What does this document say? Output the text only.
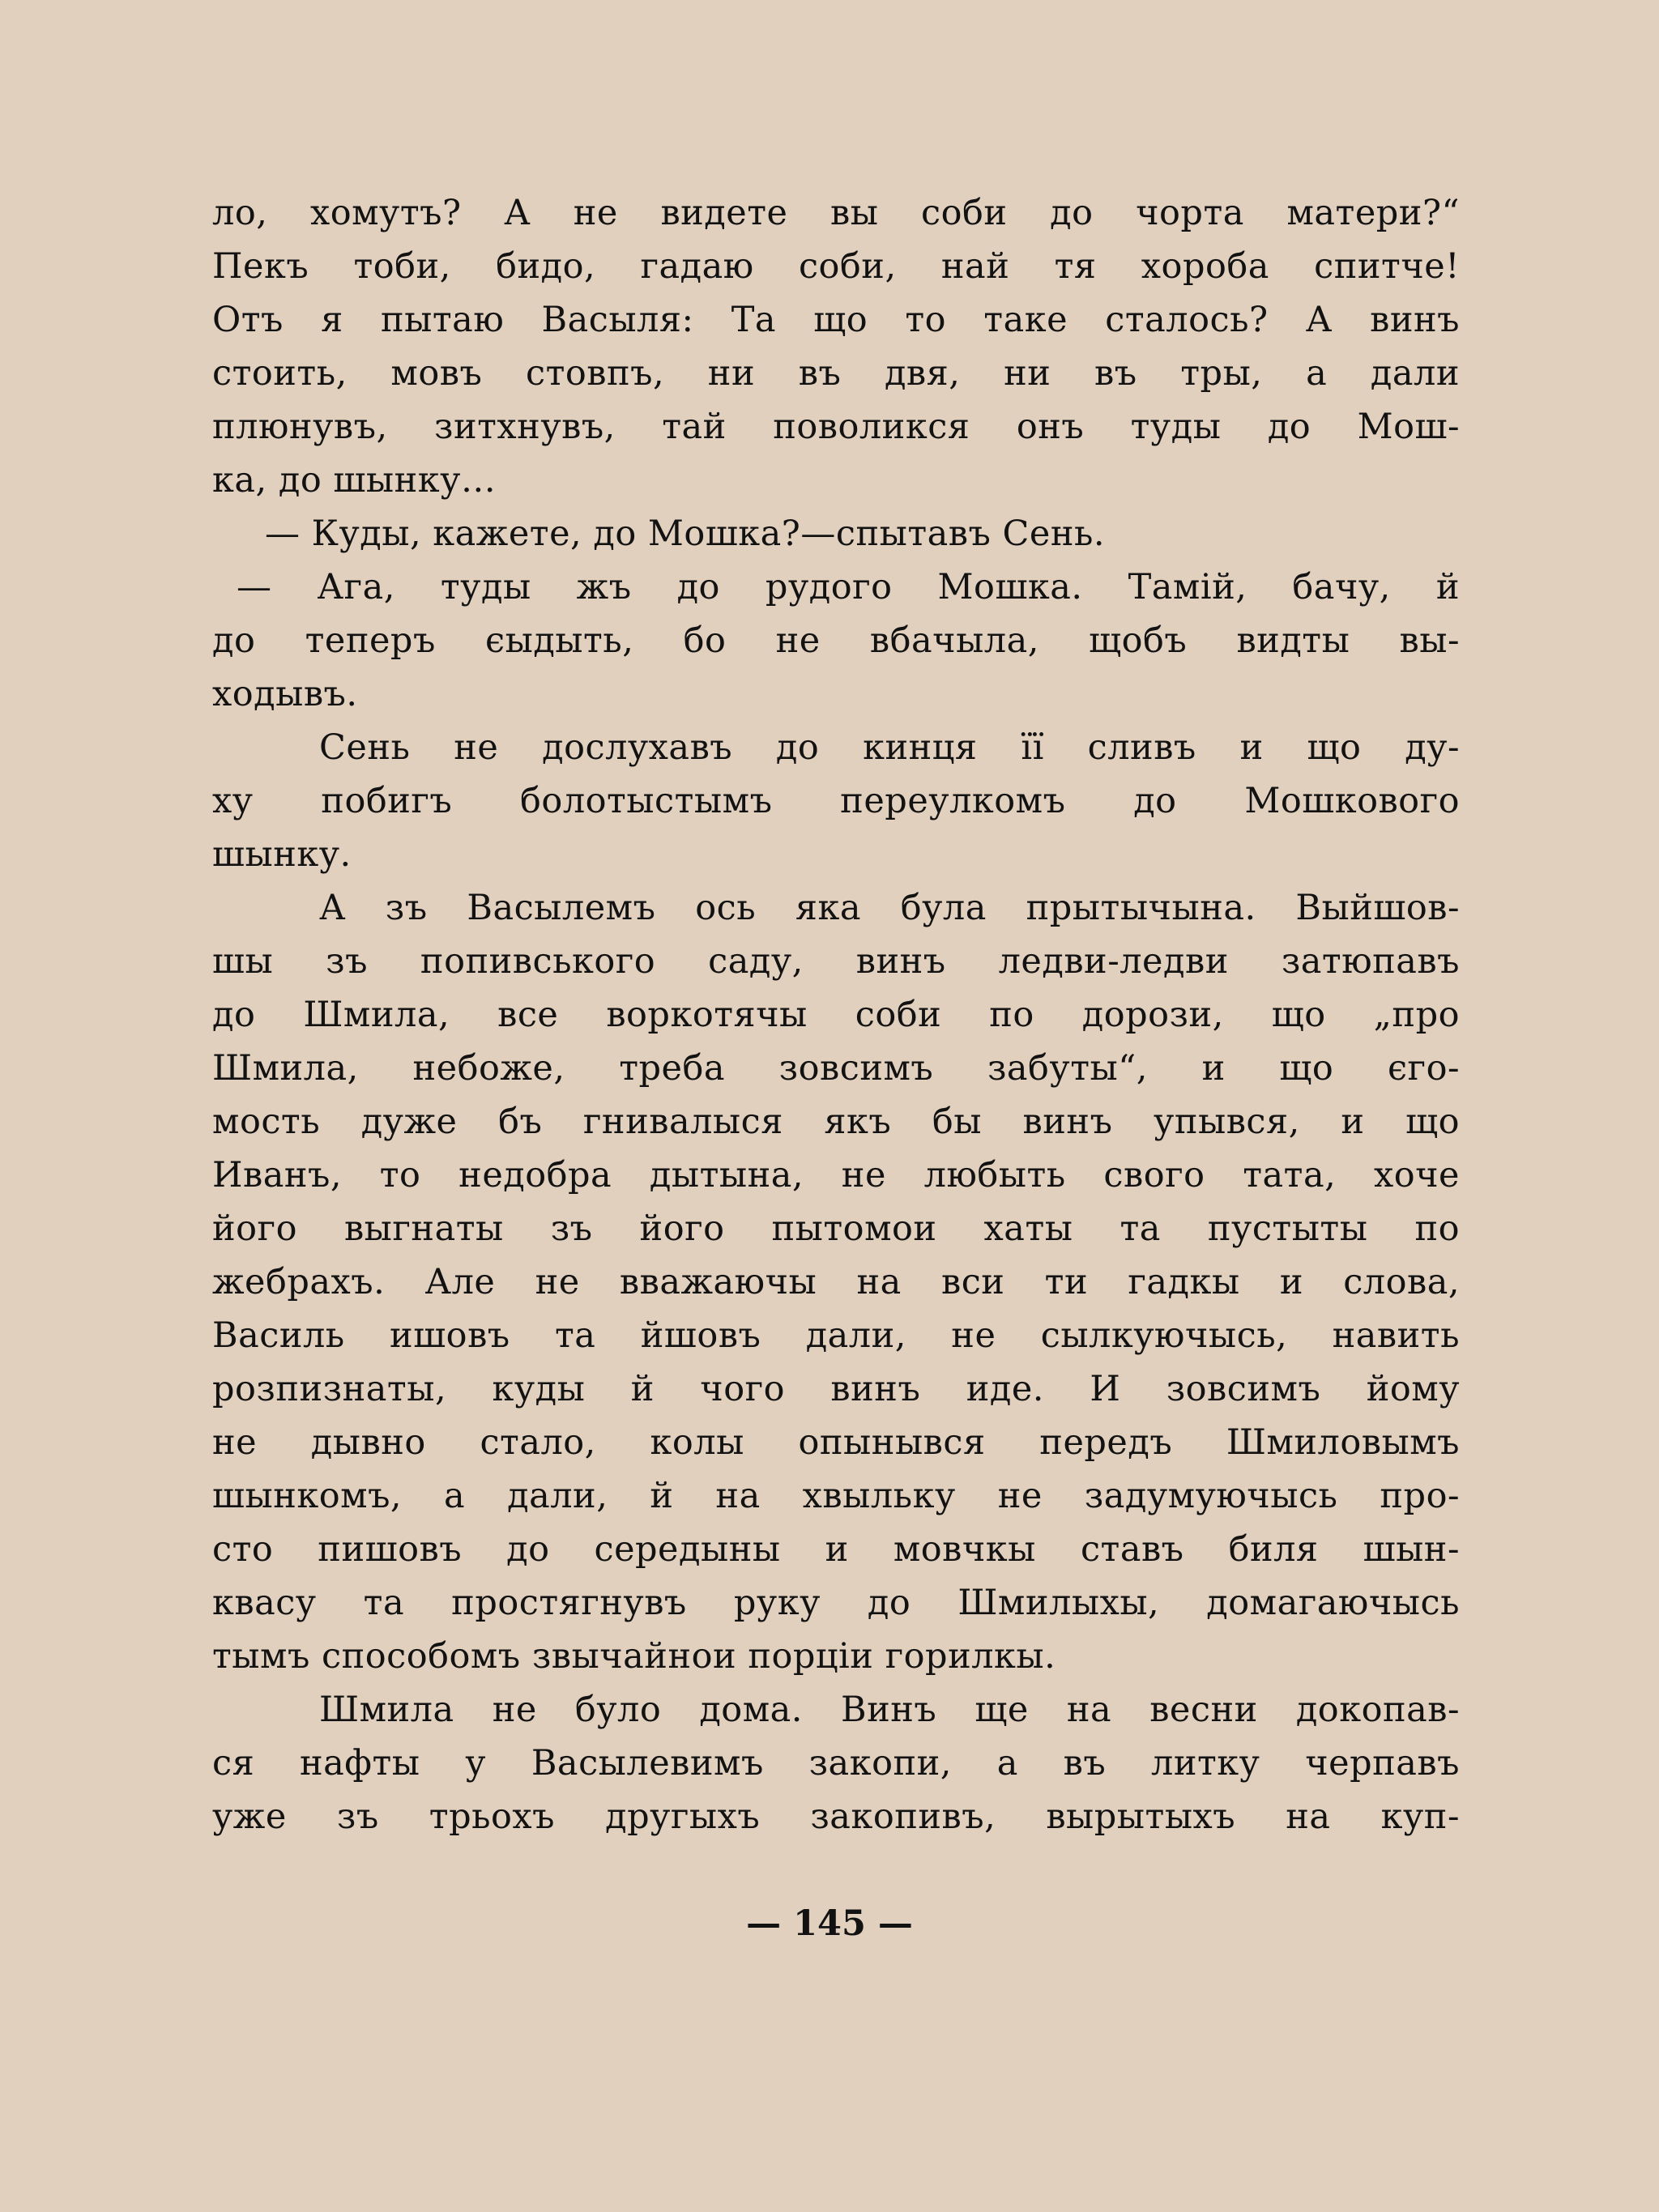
ло, хомутъ? А не видете вы соби до чорта матери?“
Пекъ тоби, бидо, гадаю соби, най тя хороба спитче!
Отъ я пытаю Васыля: Та що то таке сталось? А винъ
стоить, мовъ стовпъ, ни въ двя, ни въ тры, а дали
плюнувъ, зитхнувъ, тай поволикся онъ туды до Мош-
ка, до шынку…
— Куды, кажете, до Мошка?—спытавъ Сень.
— Ага, туды жъ до рудого Мошка. Тамій, бачу, й
до теперъ єыдыть, бо не вбачыла, щобъ видты вы-
ходывъ.
Сень не дослухавъ до кинця її сливъ и що ду-
ху побигъ болотыстымъ переулкомъ до Мошкового
шынку.
А зъ Васылемъ ось яка була прытычына. Выйшов-
шы зъ попивського саду, винъ ледви-ледви затюпавъ
до Шмила, все воркотячы соби по дорози, що „про
Шмила, небоже, треба зовсимъ забуты“, и що єго-
мость дуже бъ гнивалыся якъ бы винъ упывся, и що
Иванъ, то недобра дытына, не любыть свого тата, хоче
його выгнаты зъ його пытомои хаты та пустыты по
жебрахъ. Але не вважаючы на вси ти гадкы и слова,
Василь ишовъ та йшовъ дали, не сылкуючысь, навить
розпизнаты, куды й чого винъ иде. И зовсимъ йому
не дывно стало, колы опынывся передъ Шмиловымъ
шынкомъ, а дали, й на хвыльку не задумуючысь про-
сто пишовъ до середыны и мовчкы ставъ биля шын-
квасу та простягнувъ руку до Шмилыхы, домагаючысь
тымъ способомъ звычайнои порціи горилкы.
Шмила не було дома. Винъ ще на весни докопав-
ся нафты у Васылевимъ закопи, а въ литку черпавъ
уже зъ трьохъ другыхъ закопивъ, вырытыхъ на куп-
— 145 —
